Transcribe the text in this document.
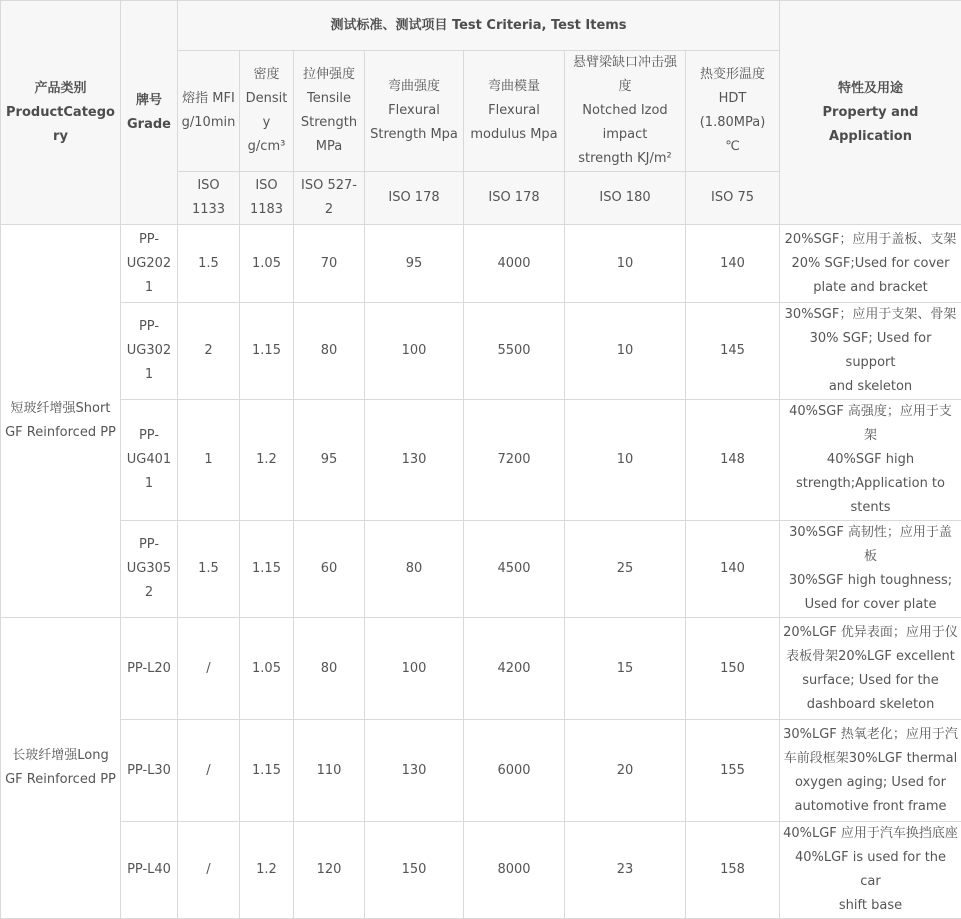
产品类别
ProductCategory	牌号
Grade	测试标准、测试项目 Test Criteria, Test Items							特性及用途
Property and Application
		熔指 MFI
g/10min	密度
Density
g/cm³	拉伸强度
Tensile
Strength
MPa	弯曲强度
Flexural
Strength Mpa	弯曲模量
Flexural
modulus Mpa	悬臂梁缺口冲击强度
Notched Izod
impact
strength KJ/m²	热变形温度
HDT
(1.80MPa)
℃	
		ISO 1133	ISO
1183	ISO 527-2	ISO 178	ISO 178	ISO 180	ISO 75	
短玻纤增强Short
GF Reinforced PP	PP-
UG2021	1.5	1.05	70	95	4000	10	140	20%SGF；应用于盖板、支架
20% SGF;Used for cover
plate and bracket
	PP-
UG3021	2	1.15	80	100	5500	10	145	30%SGF；应用于支架、骨架
30% SGF; Used for support
and skeleton
	PP-
UG4011	1	1.2	95	130	7200	10	148	40%SGF 高强度；应用于支架
40%SGF high
strength;Application to
stents
	PP-
UG3052	1.5	1.15	60	80	4500	25	140	30%SGF 高韧性；应用于盖板
30%SGF high toughness;
Used for cover plate
长玻纤增强Long
GF Reinforced PP	PP-L20	/	1.05	80	100	4200	15	150	20%LGF 优异表面；应用于仪
表板骨架20%LGF excellent
surface; Used for the
dashboard skeleton
	PP-L30	/	1.15	110	130	6000	20	155	30%LGF 热氧老化；应用于汽
车前段框架30%LGF thermal
oxygen aging; Used for
automotive front frame
	PP-L40	/	1.2	120	150	8000	23	158	40%LGF 应用于汽车换挡底座
40%LGF is used for the car
shift base
